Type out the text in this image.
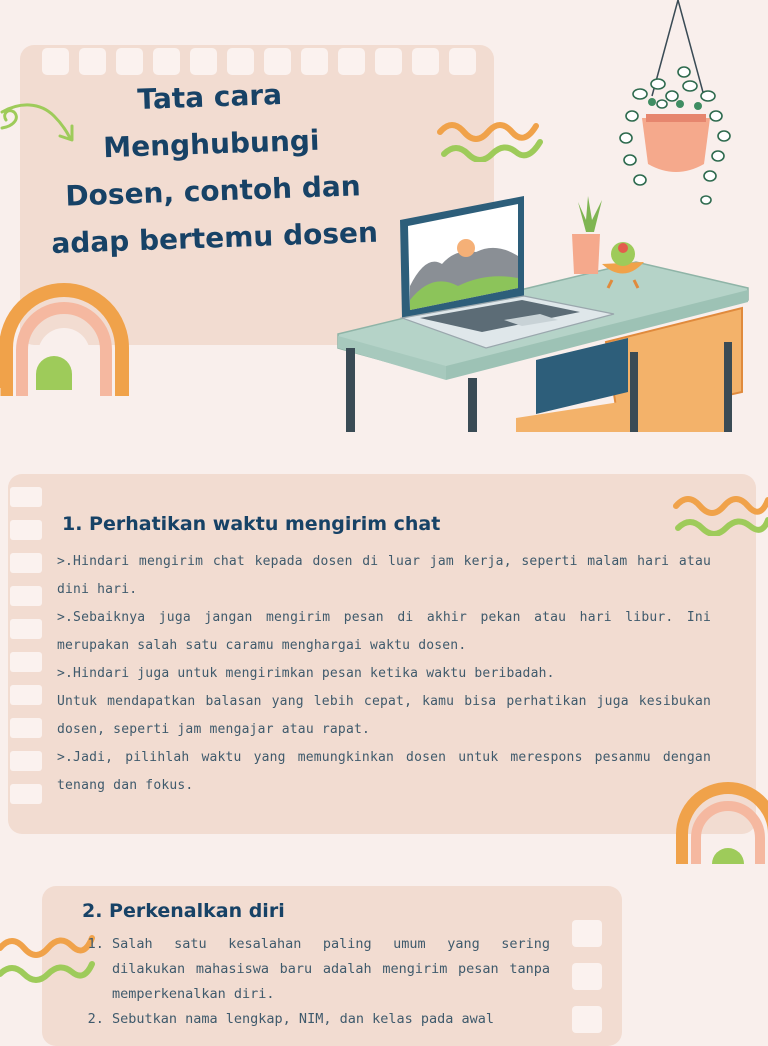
Tata cara
Menghubungi
Dosen, contoh dan
adap bertemu dosen
1. Perhatikan waktu mengirim chat

>.Hindari mengirim chat kepada dosen di luar jam kerja, seperti malam hari atau dini hari.

>.Sebaiknya juga jangan mengirim pesan di akhir pekan atau hari libur. Ini merupakan salah satu caramu menghargai waktu dosen.

>.Hindari juga untuk mengirimkan pesan ketika waktu beribadah.

Untuk mendapatkan balasan yang lebih cepat, kamu bisa perhatikan juga kesibukan dosen, seperti jam mengajar atau rapat.

>.Jadi, pilihlah waktu yang memungkinkan dosen untuk merespons pesanmu dengan tenang dan fokus.

2. Perkenalkan diri
1. Salah satu kesalahan paling umum yang sering dilakukan mahasiswa baru adalah mengirim pesan tanpa memperkenalkan diri.
2. Sebutkan nama lengkap, NIM, dan kelas pada awal
